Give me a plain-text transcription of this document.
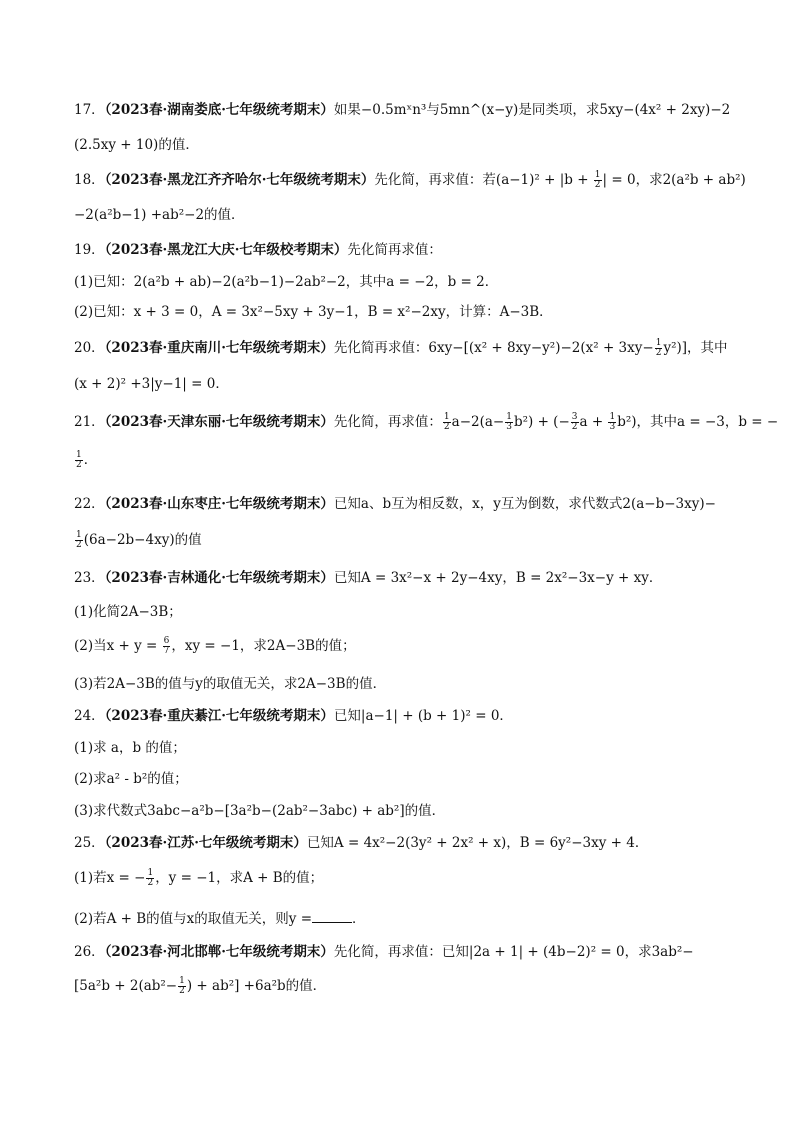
17．（2023春·湖南娄底·七年级统考期末）如果−0.5mˣn³与5mn^(x−y)是同类项，求5xy−(4x² + 2xy)−2
(2.5xy + 10)的值．
18．（2023春·黑龙江齐齐哈尔·七年级统考期末）先化简，再求值：若$(a-1)^2 + |b + \frac{1}{2}$ | = 0，求2(a²b + ab²)
−2(a²b−1) +ab²−2的值．
19．（2023春·黑龙江大庆·七年级校考期末）先化简再求值：
(1)已知：2(a²b + ab)−2(a²b−1)−2ab²−2，其中a = −2，b = 2．
(2)已知：x + 3 = 0，A = 3x²−5xy + 3y−1，B = x²−2xy，计算：A−3B．
20．（2023春·重庆南川·七年级统考期末）先化简再求值：$6xy-[(x^2 + 8xy-y^2)-2(x^2 + 3xy- \frac{1}{2} y^2)]$，其中
(x + 2)² +3|y−1| = 0．
21．（2023春·天津东丽·七年级统考期末）先化简，再求值： $\frac{1}{2} a-2(a- \frac{1}{3} b^2)$ + (− $\frac{3}{2}$ $a + \frac{1}{3} b^2$)，其中a = −3，b = −
$\frac{1}{2}$ ．
22．（2023春·山东枣庄·七年级统考期末）已知a、b互为相反数，x，y互为倒数，求代数式2(a−b−3xy)−
$\frac{1}{2} (6a-2b-4xy)$的值
23．（2023春·吉林通化·七年级统考期末）已知A = 3x²−x + 2y−4xy，B = 2x²−3x−y + xy．
(1)化简2A−3B；
(2)当$x + y = \frac{6}{7}$ ，xy = −1，求2A−3B的值；
(3)若2A−3B的值与y的取值无关，求2A−3B的值．
24．（2023春·重庆綦江·七年级统考期末）已知|a−1| + (b + 1)² = 0．
(1)求 a，b 的值；
(2)求a² - b²的值；
(3)求代数式3abc−a²b−[3a²b−(2ab²−3abc) + ab²]的值．
25．（2023春·江苏·七年级统考期末）已知A = 4x²−2(3y² + 2x² + x)，B = 6y²−3xy + 4．
(1)若x = − $\frac{1}{2}$ ，y = −1，求A + B的值；
(2)若A + B的值与x的取值无关，则y =	．
26．（2023春·河北邯郸·七年级统考期末）先化简，再求值：已知|2a + 1| + (4b−2)² = 0，求3ab²−
[$5a^2b + 2(ab^2- \frac{1}{2}$ ) + ab²] +6a²b的值．
